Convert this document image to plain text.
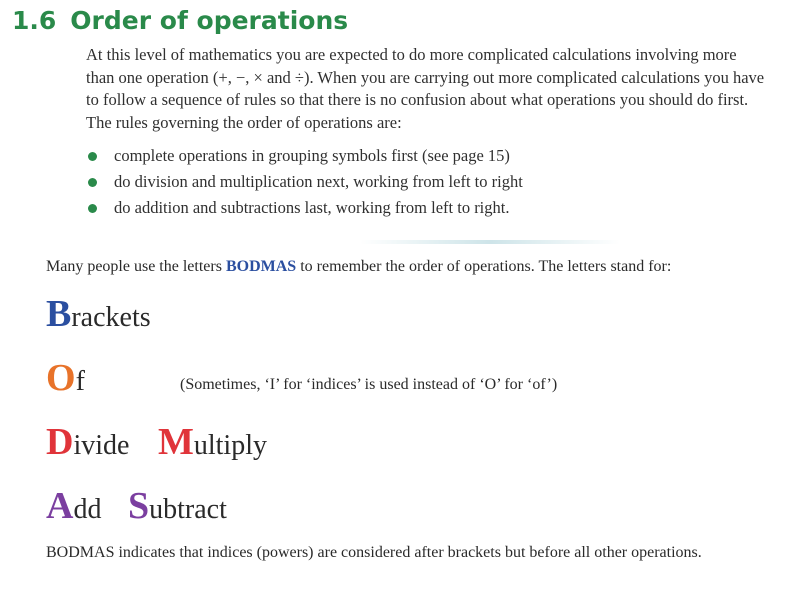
1.6 Order of operations

At this level of mathematics you are expected to do more complicated calculations involving more than one operation (+, −, × and ÷). When you are carrying out more complicated calculations you have to follow a sequence of rules so that there is no confusion about what operations you should do first. The rules governing the order of operations are:

complete operations in grouping symbols first (see page 15)
do division and multiplication next, working from left to right
do addition and subtractions last, working from left to right.

Many people use the letters BODMAS to remember the order of operations. The letters stand for:

Brackets
Of	(Sometimes, ‘I’ for ‘indices’ is used instead of ‘O’ for ‘of’)
Divide Multiply
Add Subtract

BODMAS indicates that indices (powers) are considered after brackets but before all other operations.
